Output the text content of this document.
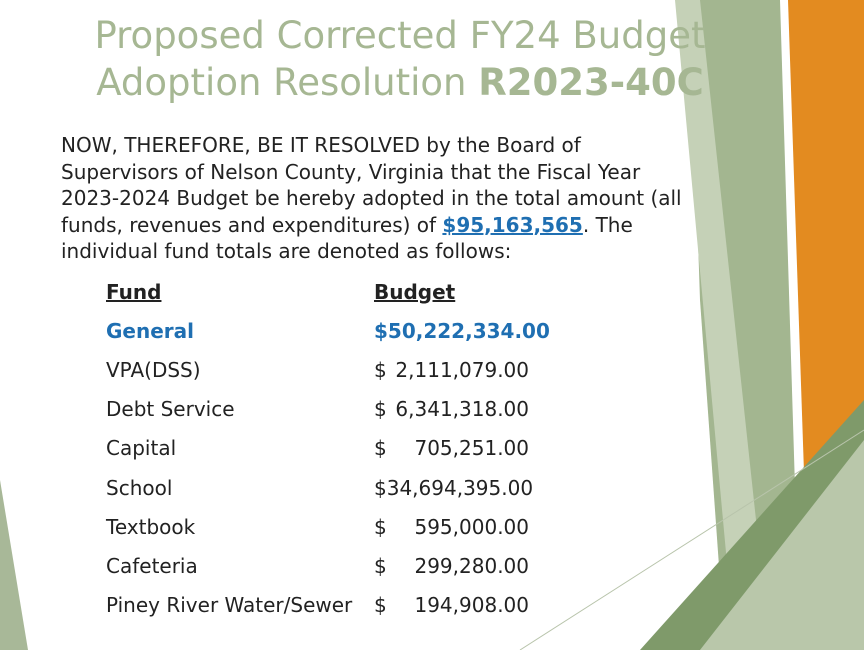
Proposed Corrected FY24 Budget
Adoption Resolution R2023-40C
NOW, THEREFORE, BE IT RESOLVED by the Board of Supervisors of Nelson County, Virginia that the Fiscal Year 2023-2024 Budget be hereby adopted in the total amount (all funds, revenues and expenditures) of $95,163,565. The individual fund totals are denoted as follows:
Fund	Budget
General	$50,222,334.00
VPA(DSS)	$ 2,111,079.00
Debt Service	$ 6,341,318.00
Capital	$ 705,251.00
School	$34,694,395.00
Textbook	$ 595,000.00
Cafeteria	$ 299,280.00
Piney River Water/Sewer $ 194,908.00
